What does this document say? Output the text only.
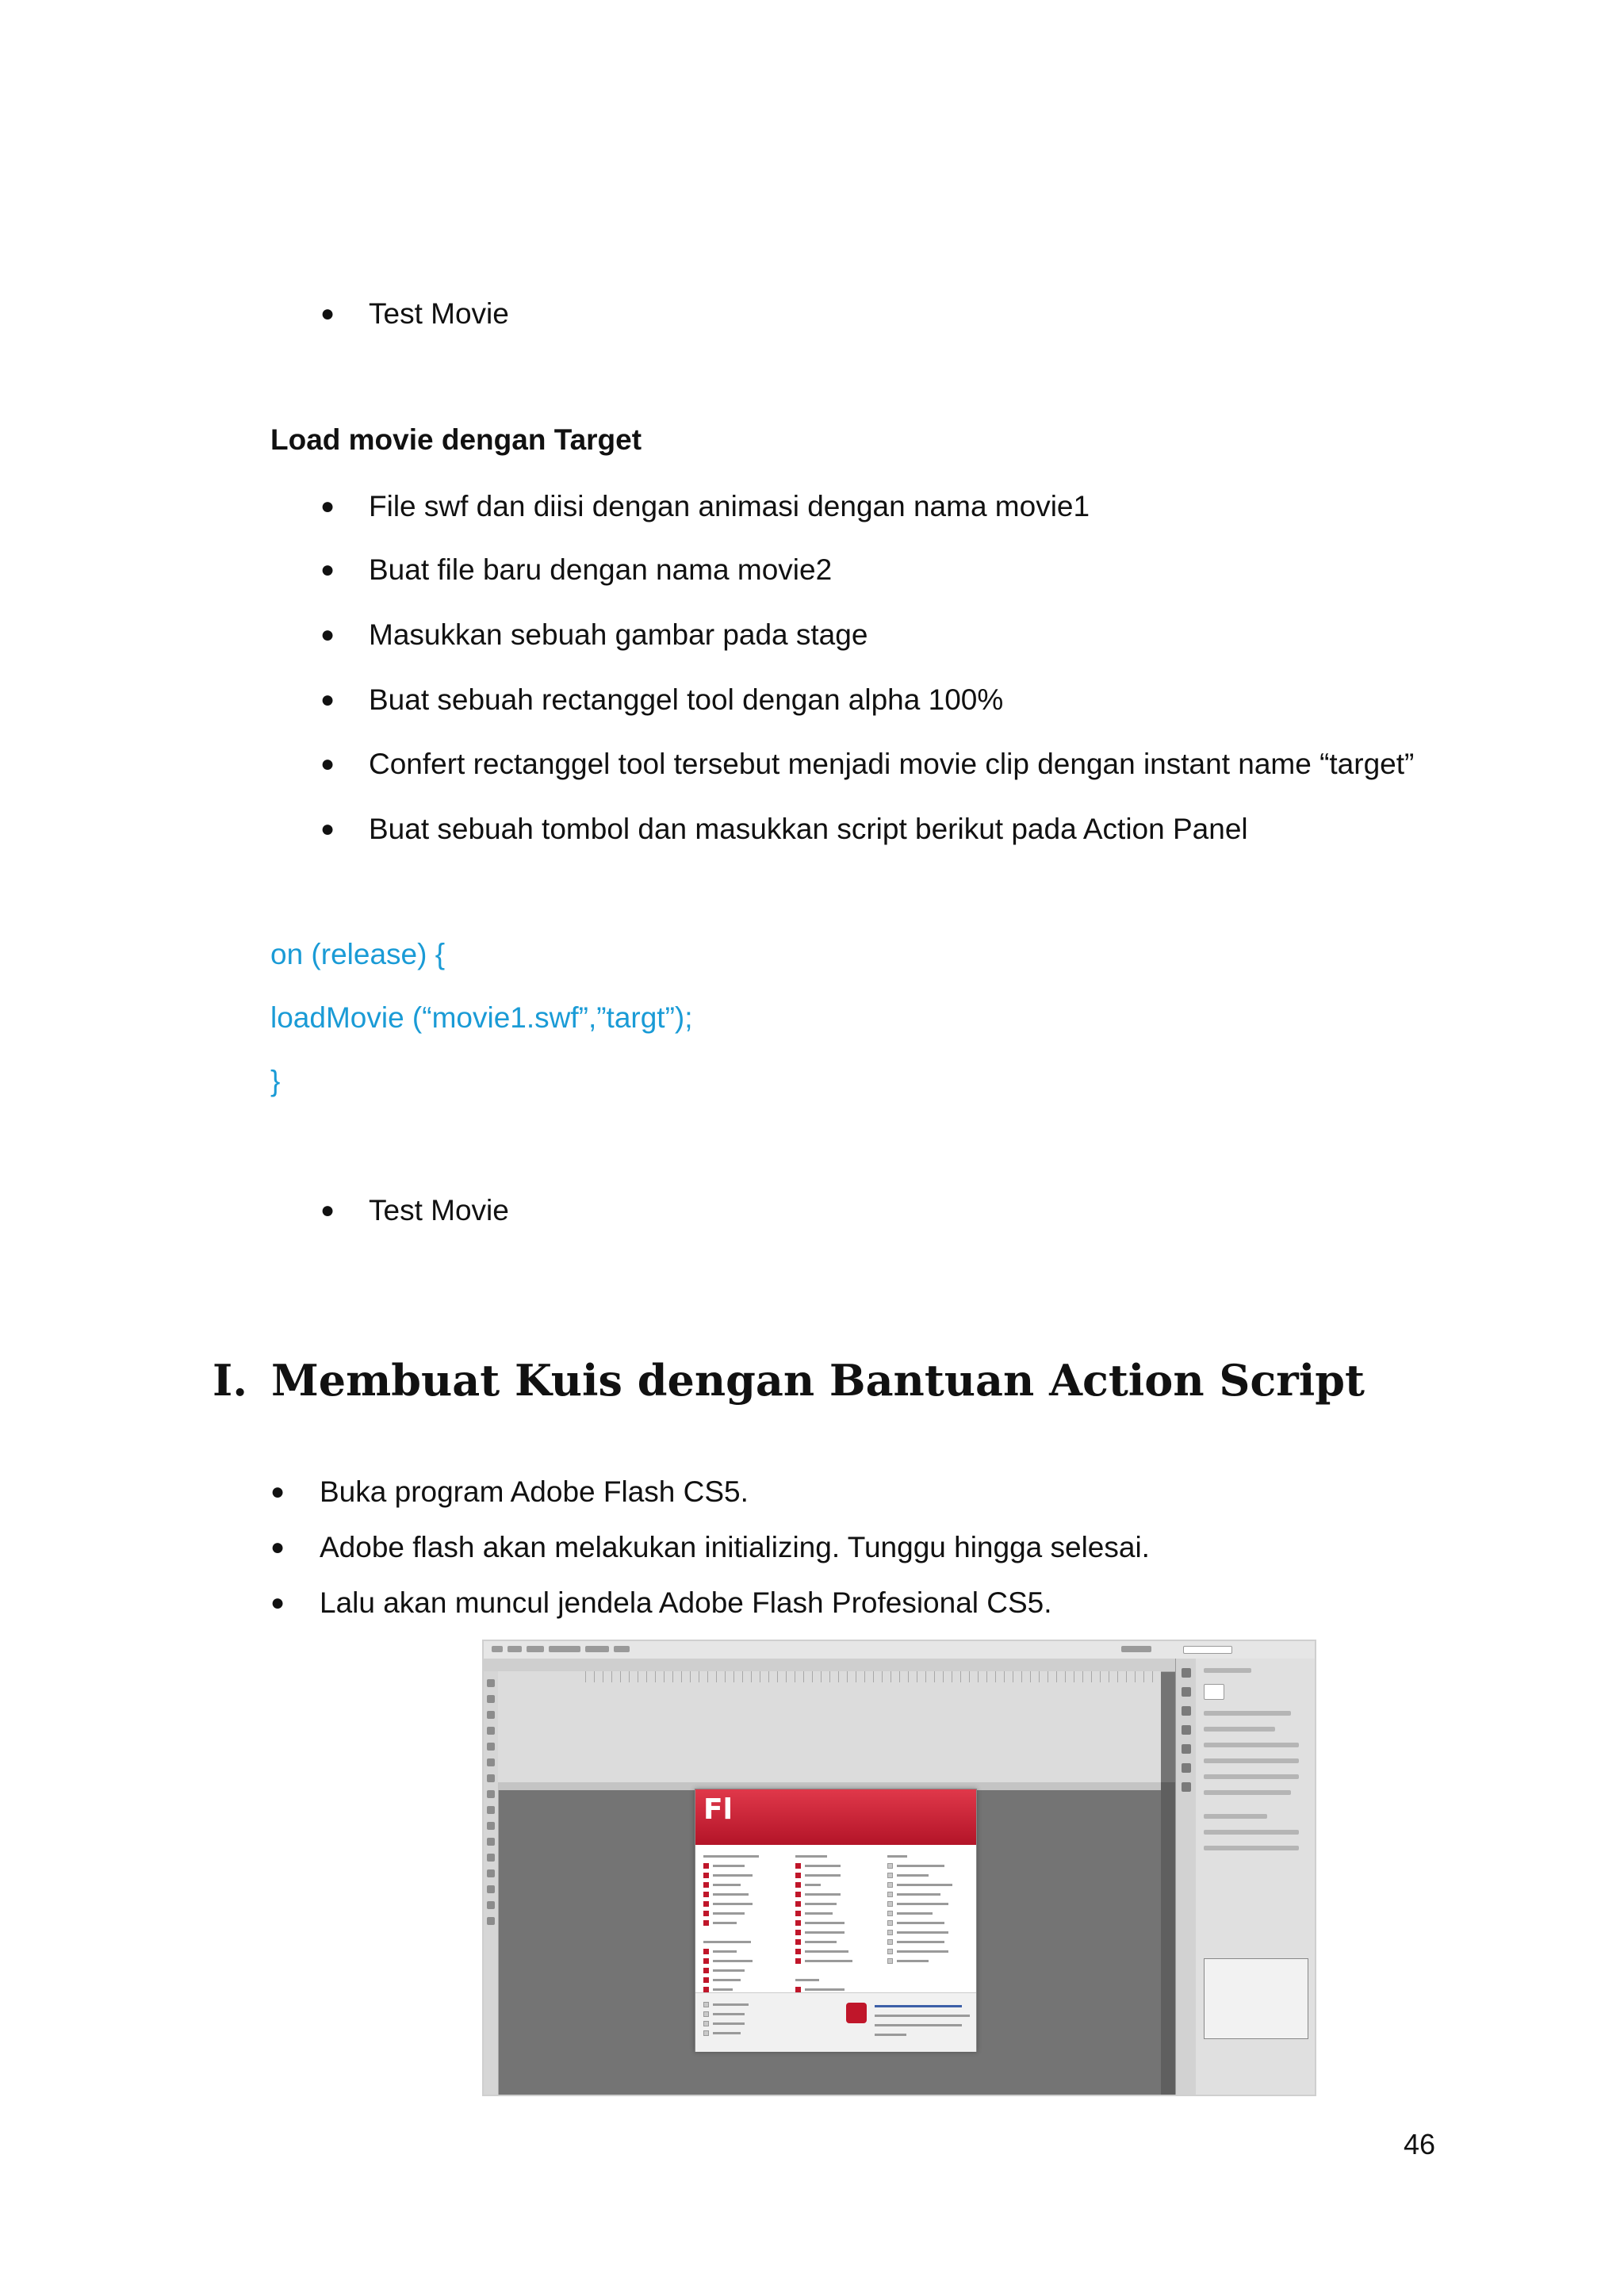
● Test Movie
Load movie dengan Target
● File swf dan diisi dengan animasi dengan nama movie1
● Buat file baru dengan nama movie2
● Masukkan sebuah gambar pada stage
● Buat sebuah rectanggel tool dengan alpha 100%
● Confert rectanggel tool tersebut menjadi movie clip dengan instant name “target”
● Buat sebuah tombol dan masukkan script berikut pada Action Panel
on (release) {
loadMovie (“movie1.swf”,”targt”);
}
● Test Movie
I. Membuat Kuis dengan Bantuan Action Script
● Buka program Adobe Flash CS5.
● Adobe flash akan melakukan initializing. Tunggu hingga selesai.
● Lalu akan muncul jendela Adobe Flash Profesional CS5.
Fl
46
